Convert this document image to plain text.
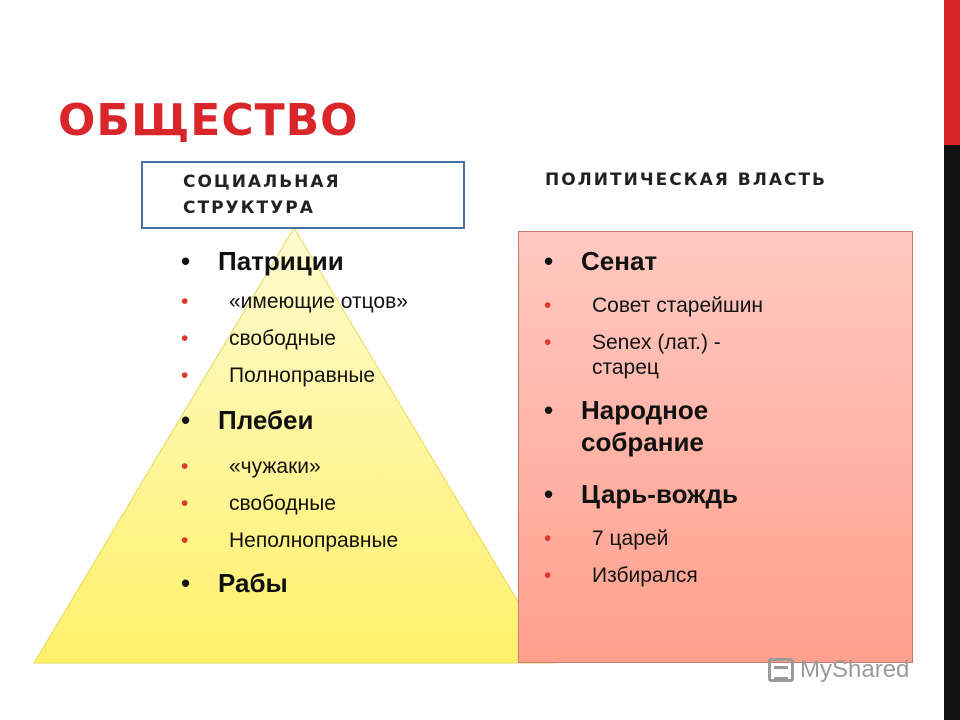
ОБЩЕСТВО
СОЦИАЛЬНАЯ СТРУКТУРА
ПОЛИТИЧЕСКАЯ ВЛАСТЬ
• Патриции
• «имеющие отцов»
• свободные
• Полноправные
• Плебеи
• «чужаки»
• свободные
• Неполноправные
• Рабы
• Сенат
• Совет старейшин
• Senex (лат.) - старец
• Народное собрание
• Царь-вождь
• 7 царей
• Избирался
MyShared
